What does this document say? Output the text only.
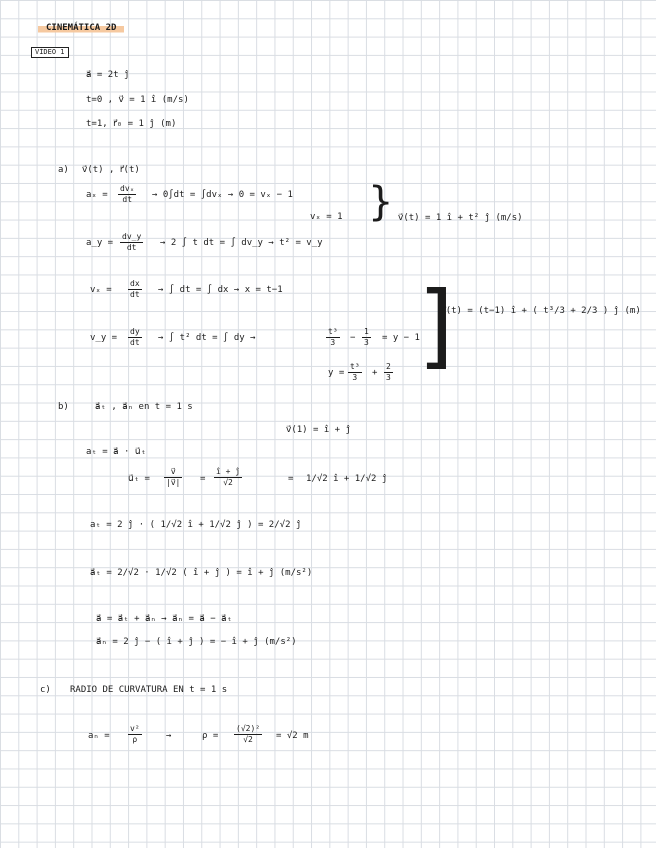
CINEMÁTICA 2D
VÍDEO 1
a⃗ = 2t ĵ
t=0 , v⃗ = 1 î (m/s)
t=1, r⃗₀ = 1 ĵ (m)
a) v⃗(t) , r⃗(t)
aₓ =
dvₓ
dt	→ 0∫dt = ∫dvₓ → 0 = vₓ − 1
vₓ = 1
a_y = $\frac{dv\_y}{dt} \to 2$ ∫ t dt = ∫ dv_y → t² = v_y
} v⃗(t) = 1 î + t² ĵ (m/s)
$v_x = \frac{dx}{dt}$ → ∫ dt = ∫ dx → x = t−1
v_y = $\frac{dy}{dt}$ → ∫ t² dt = ∫ dy →	$\frac{\text{t³}}{3} - \frac{1}{3} = y - 1$
$y = \frac{\text{t³}}{3} + \frac{2}{3}$ ]
r⃗(t) = (t−1) î + ( t³/3 + 2/3 ) ĵ (m)
b)	a⃗ₜ , a⃗ₙ en t = 1 s
v⃗(1) = î + ĵ
aₜ = a⃗ · u⃗ₜ
u⃗ₜ = $\frac{v⃗}{|v⃗|} = \frac{î + ĵ}{√2}$	= 1/√2 î + 1/√2 ĵ
aₜ = 2 ĵ · ( 1/√2 î + 1/√2 ĵ ) = 2/√2 ĵ
a⃗ₜ = 2/√2 · 1/√2 ( î + ĵ ) = î + ĵ (m/s²)
a⃗ = a⃗ₜ + a⃗ₙ → a⃗ₙ = a⃗ − a⃗ₜ
a⃗ₙ = 2 ĵ − ( î + ĵ ) = − î + ĵ (m/s²)
c) RADIO DE CURVATURA EN t = 1 s
$a_n = \frac{\text{v²}}{\rho}$	→	$\rho = \frac{\text{(√2)²}}{√2} = √2$ m
